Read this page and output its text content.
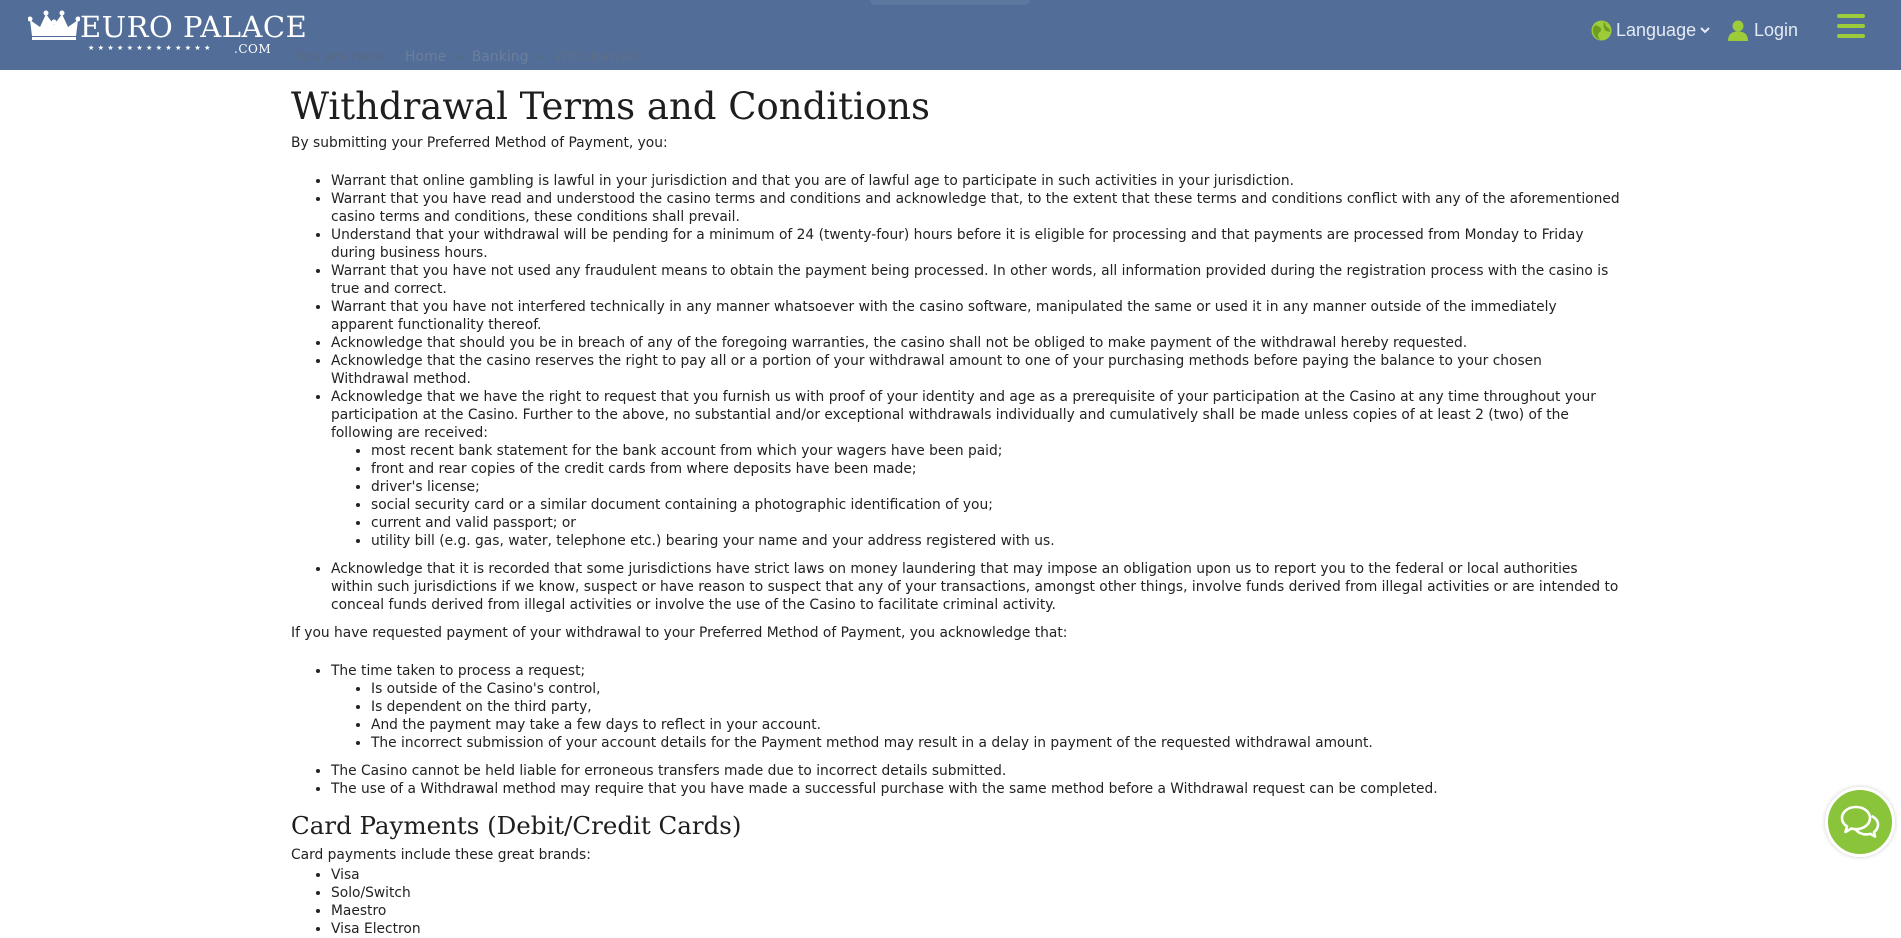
EURO PALACE
★★★★★★★★★★★★★ .COM
Language	Login
You are here : Home » Banking » Withdrawals
Withdrawal Terms and Conditions

By submitting your Preferred Method of Payment, you:

• Warrant that online gambling is lawful in your jurisdiction and that you are of lawful age to participate in such activities in your jurisdiction.
• Warrant that you have read and understood the casino terms and conditions and acknowledge that, to the extent that these terms and conditions conflict with any of the aforementioned casino terms and conditions, these conditions shall prevail.
• Understand that your withdrawal will be pending for a minimum of 24 (twenty-four) hours before it is eligible for processing and that payments are processed from Monday to Friday during business hours.
• Warrant that you have not used any fraudulent means to obtain the payment being processed. In other words, all information provided during the registration process with the casino is true and correct.
• Warrant that you have not interfered technically in any manner whatsoever with the casino software, manipulated the same or used it in any manner outside of the immediately apparent functionality thereof.
• Acknowledge that should you be in breach of any of the foregoing warranties, the casino shall not be obliged to make payment of the withdrawal hereby requested.
• Acknowledge that the casino reserves the right to pay all or a portion of your withdrawal amount to one of your purchasing methods before paying the balance to your chosen Withdrawal method.
• Acknowledge that we have the right to request that you furnish us with proof of your identity and age as a prerequisite of your participation at the Casino at any time throughout your participation at the Casino. Further to the above, no substantial and/or exceptional withdrawals individually and cumulatively shall be made unless copies of at least 2 (two) of the following are received:
• most recent bank statement for the bank account from which your wagers have been paid;
• front and rear copies of the credit cards from where deposits have been made;
• driver's license;
• social security card or a similar document containing a photographic identification of you;
• current and valid passport; or
• utility bill (e.g. gas, water, telephone etc.) bearing your name and your address registered with us.
• Acknowledge that it is recorded that some jurisdictions have strict laws on money laundering that may impose an obligation upon us to report you to the federal or local authorities within such jurisdictions if we know, suspect or have reason to suspect that any of your transactions, amongst other things, involve funds derived from illegal activities or are intended to conceal funds derived from illegal activities or involve the use of the Casino to facilitate criminal activity.

If you have requested payment of your withdrawal to your Preferred Method of Payment, you acknowledge that:

• The time taken to process a request;
• Is outside of the Casino's control,
• Is dependent on the third party,
• And the payment may take a few days to reflect in your account.
• The incorrect submission of your account details for the Payment method may result in a delay in payment of the requested withdrawal amount.
• The Casino cannot be held liable for erroneous transfers made due to incorrect details submitted.
• The use of a Withdrawal method may require that you have made a successful purchase with the same method before a Withdrawal request can be completed.
Card Payments (Debit/Credit Cards)

Card payments include these great brands:

• Visa
• Solo/Switch
• Maestro
• Visa Electron
